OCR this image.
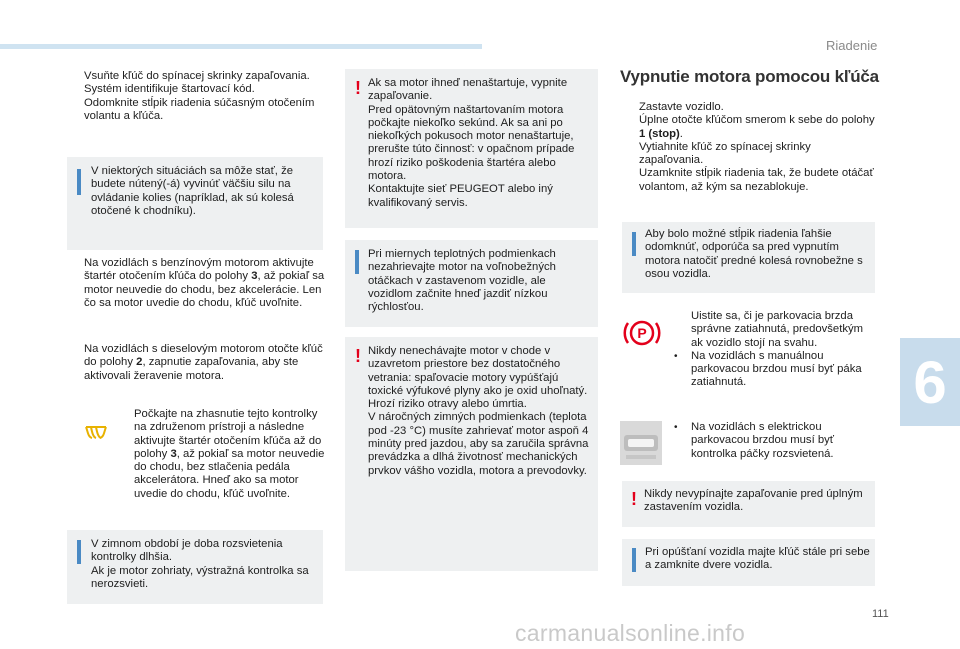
Riadenie
6
111
carmanualsonline.info
Vsuňte kľúč do spínacej skrinky zapaľovania.
Systém identifikuje štartovací kód.
Odomknite stĺpik riadenia súčasným otočením volantu a kľúča.
V niektorých situáciách sa môže stať, že budete nútený(-á) vyvinúť väčšiu silu na ovládanie kolies (napríklad, ak sú kolesá otočené k chodníku).
Na vozidlách s benzínovým motorom aktivujte štartér otočením kľúča do polohy 3, až pokiaľ sa motor neuvedie do chodu, bez akcelerácie. Len čo sa motor uvedie do chodu, kľúč uvoľnite.
Na vozidlách s dieselovým motorom otočte kľúč do polohy 2, zapnutie zapaľovania, aby ste aktivovali žeravenie motora.
Počkajte na zhasnutie tejto kontrolky na združenom prístroji a následne aktivujte štartér otočením kľúča až do polohy 3, až pokiaľ sa motor neuvedie do chodu, bez stlačenia pedála akcelerátora. Hneď ako sa motor uvedie do chodu, kľúč uvoľnite.
V zimnom období je doba rozsvietenia kontrolky dlhšia.
Ak je motor zohriaty, výstražná kontrolka sa nerozsvieti.
! Ak sa motor ihneď nenaštartuje, vypnite zapaľovanie.
Pred opätovným naštartovaním motora počkajte niekoľko sekúnd. Ak sa ani po niekoľkých pokusoch motor nenaštartuje, prerušte túto činnosť: v opačnom prípade hrozí riziko poškodenia štartéra alebo motora.
Kontaktujte sieť PEUGEOT alebo iný kvalifikovaný servis.
Pri miernych teplotných podmienkach nezahrievajte motor na voľnobežných otáčkach v zastavenom vozidle, ale vozidlom začnite hneď jazdiť nízkou rýchlosťou.
! Nikdy nenechávajte motor v chode v uzavretom priestore bez dostatočného vetrania: spaľovacie motory vypúšťajú toxické výfukové plyny ako je oxid uhoľnatý. Hrozí riziko otravy alebo úmrtia.
V náročných zimných podmienkach (teplota pod -23 °C) musíte zahrievať motor aspoň 4 minúty pred jazdou, aby sa zaručila správna prevádzka a dlhá životnosť mechanických prvkov vášho vozidla, motora a prevodovky.
Vypnutie motora pomocou kľúča
Zastavte vozidlo.
Úplne otočte kľúčom smerom k sebe do polohy 1 (stop).
Vytiahnite kľúč zo spínacej skrinky zapaľovania.
Uzamknite stĺpik riadenia tak, že budete otáčať volantom, až kým sa nezablokuje.
Aby bolo možné stĺpik riadenia ľahšie odomknúť, odporúča sa pred vypnutím motora natočiť predné kolesá rovnobežne s osou vozidla.
P
Uistite sa, či je parkovacia brzda správne zatiahnutá, predovšetkým ak vozidlo stojí na svahu.
• Na vozidlách s manuálnou parkovacou brzdou musí byť páka zatiahnutá.
• Na vozidlách s elektrickou parkovacou brzdou musí byť kontrolka páčky rozsvietená.
! Nikdy nevypínajte zapaľovanie pred úplným zastavením vozidla.
Pri opúšťaní vozidla majte kľúč stále pri sebe a zamknite dvere vozidla.
